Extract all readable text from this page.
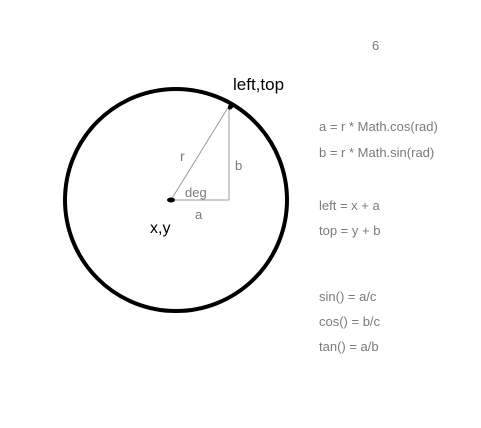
left,top
x,y
r
deg
a
b
6
a = r * Math.cos(rad)
b = r * Math.sin(rad)
left = x + a
top = y + b
sin() = a/c
cos() = b/c
tan() = a/b
